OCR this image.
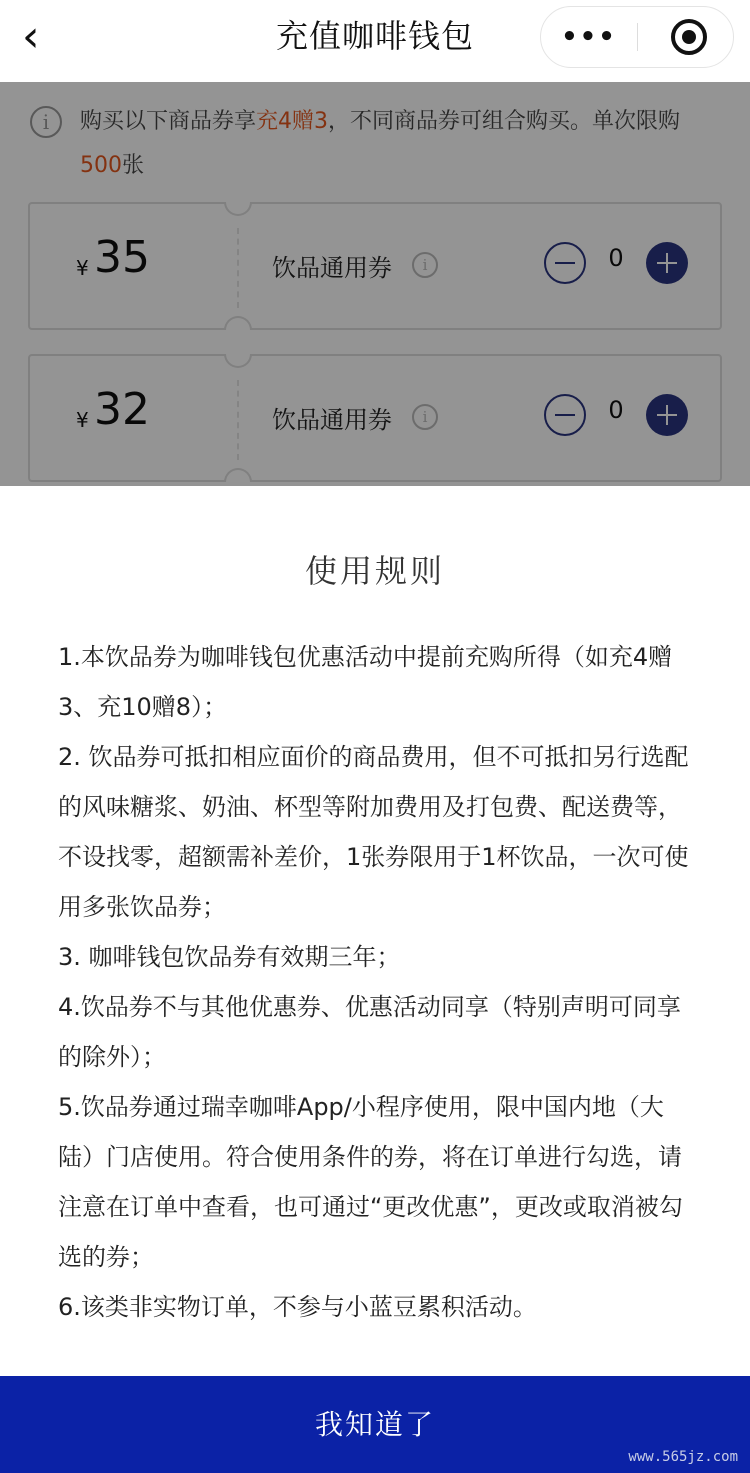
‹	充值咖啡钱包	•••
i	购买以下商品券享充4赠3，不同商品券可组合购买。单次限购500张
¥ 35	饮品通用券	i	0
¥ 32	饮品通用券	i	0
使用规则

1.本饮品券为咖啡钱包优惠活动中提前充购所得（如充4赠3、充10赠8）；

2. 饮品券可抵扣相应面价的商品费用，但不可抵扣另行选配的风味糖浆、奶油、杯型等附加费用及打包费、配送费等，不设找零，超额需补差价，1张券限用于1杯饮品，一次可使用多张饮品券；

3. 咖啡钱包饮品券有效期三年；

4.饮品券不与其他优惠券、优惠活动同享（特别声明可同享的除外）；

5.饮品券通过瑞幸咖啡App/小程序使用，限中国内地（大陆）门店使用。符合使用条件的券，将在订单进行勾选，请注意在订单中查看，也可通过“更改优惠”，更改或取消被勾选的券；

6.该类非实物订单，不参与小蓝豆累积活动。

我知道了
www.565jz.com
